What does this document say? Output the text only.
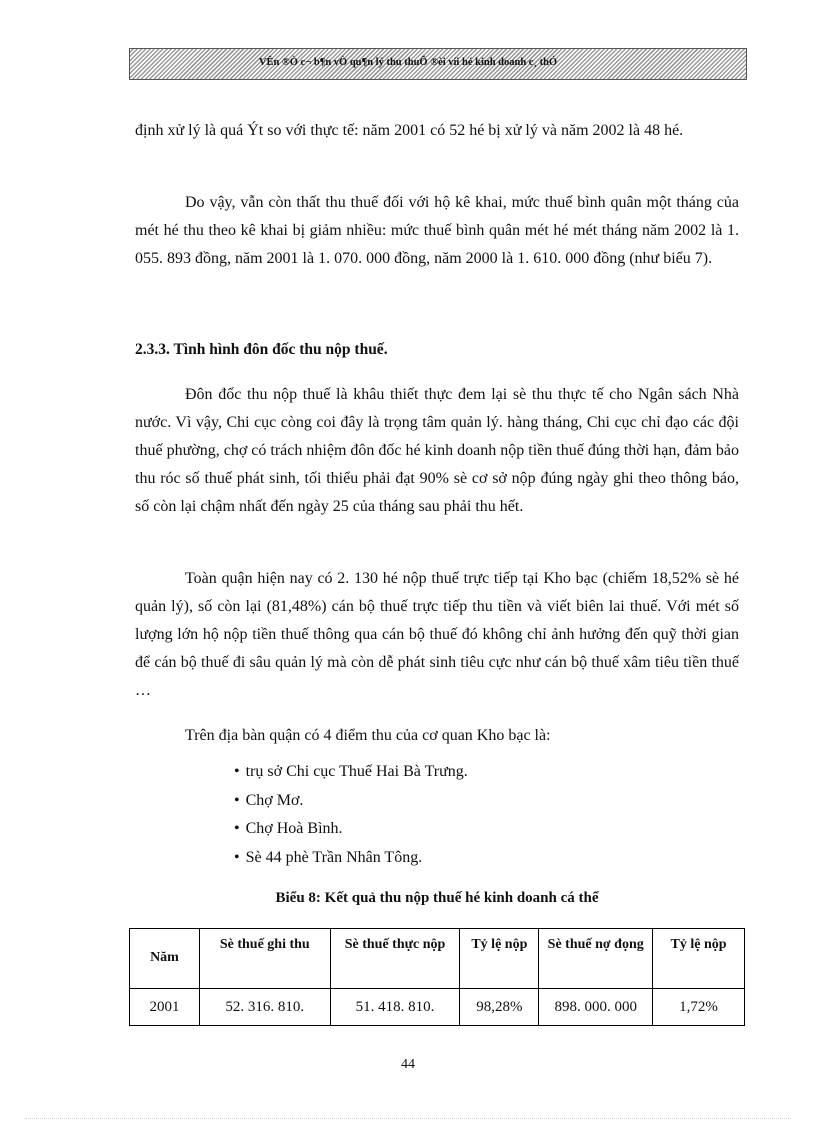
VÊn ®Ò c¬ b¶n vÒ qu¶n lý thu thuÕ ®èi víi hé kinh doanh c¸ thÓ

định xử lý là quá Ýt so với thực tế: năm 2001 có 52 hé bị xử lý và năm 2002 là 48 hé.

Do vậy, vẫn còn thất thu thuế đối với hộ kê khai, mức thuế bình quân một tháng của mét hé thu theo kê khai bị giảm nhiều: mức thuế bình quân mét hé mét tháng năm 2002 là 1. 055. 893 đồng, năm 2001 là 1. 070. 000 đồng, năm 2000 là 1. 610. 000 đồng (như biểu 7).

2.3.3. Tình hình đôn đốc thu nộp thuế.

Đôn đốc thu nộp thuế là khâu thiết thực đem lại sè thu thực tế cho Ngân sách Nhà nước. Vì vậy, Chi cục còng coi đây là trọng tâm quản lý. hàng tháng, Chi cục chỉ đạo các đội thuế phường, chợ có trách nhiệm đôn đốc hé kinh doanh nộp tiền thuế đúng thời hạn, đảm bảo thu róc số thuế phát sinh, tối thiểu phải đạt 90% sè cơ sở nộp đúng ngày ghi theo thông báo, số còn lại chậm nhất đến ngày 25 của tháng sau phải thu hết.

Toàn quận hiện nay có 2. 130 hé nộp thuế trực tiếp tại Kho bạc (chiếm 18,52% sè hé quản lý), số còn lại (81,48%) cán bộ thuế trực tiếp thu tiền và viết biên lai thuế. Với mét số lượng lớn hộ nộp tiền thuế thông qua cán bộ thuế đó không chỉ ảnh hưởng đến quỹ thời gian để cán bộ thuế đi sâu quản lý mà còn dễ phát sinh tiêu cực như cán bộ thuế xâm tiêu tiền thuế …

Trên địa bàn quận có 4 điểm thu của cơ quan Kho bạc là:

• trụ sở Chi cục Thuế Hai Bà Trưng.
• Chợ Mơ.
• Chợ Hoà Bình.
• Sè 44 phè Trần Nhân Tông.

Biểu 8: Kết quả thu nộp thuế hé kinh doanh cá thể

Năm	Sè thuế ghi thu	Sè thuế thực nộp	Tỷ lệ nộp	Sè thuế nợ đọng	Tỷ lệ nộp
2001	52. 316. 810.	51. 418. 810.	98,28%	898. 000. 000	1,72%

44
